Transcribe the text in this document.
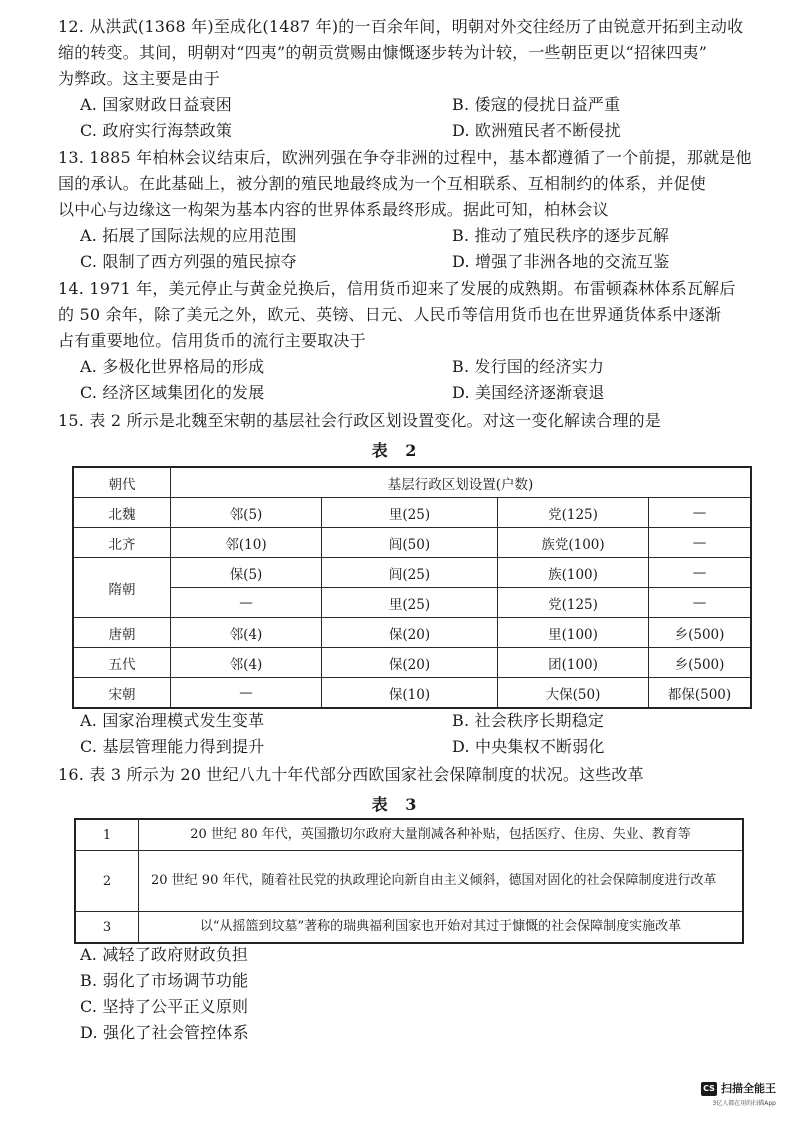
12. 从洪武(1368 年)至成化(1487 年)的一百余年间，明朝对外交往经历了由锐意开拓到主动收

缩的转变。其间，明朝对“四夷”的朝贡赏赐由慷慨逐步转为计较，一些朝臣更以“招徕四夷”

为弊政。这主要是由于

A. 国家财政日益衰困	B. 倭寇的侵扰日益严重
C. 政府实行海禁政策	D. 欧洲殖民者不断侵扰

13. 1885 年柏林会议结束后，欧洲列强在争夺非洲的过程中，基本都遵循了一个前提，那就是他

国的承认。在此基础上，被分割的殖民地最终成为一个互相联系、互相制约的体系，并促使

以中心与边缘这一构架为基本内容的世界体系最终形成。据此可知，柏林会议

A. 拓展了国际法规的应用范围	B. 推动了殖民秩序的逐步瓦解
C. 限制了西方列强的殖民掠夺	D. 增强了非洲各地的交流互鉴

14. 1971 年，美元停止与黄金兑换后，信用货币迎来了发展的成熟期。布雷顿森林体系瓦解后

的 50 余年，除了美元之外，欧元、英镑、日元、人民币等信用货币也在世界通货体系中逐渐

占有重要地位。信用货币的流行主要取决于

A. 多极化世界格局的形成	B. 发行国的经济实力
C. 经济区域集团化的发展	D. 美国经济逐渐衰退

15. 表 2 所示是北魏至宋朝的基层社会行政区划设置变化。对这一变化解读合理的是

表 2
朝代	基层行政区划设置(户数)			
北魏	邻(5)	里(25)	党(125)	—
北齐	邻(10)	闾(50)	族党(100)	—
隋朝	保(5)	闾(25)	族(100)	—
	—	里(25)	党(125)	—
唐朝	邻(4)	保(20)	里(100)	乡(500)
五代	邻(4)	保(20)	团(100)	乡(500)
宋朝	—	保(10)	大保(50)	都保(500)
A. 国家治理模式发生变革	B. 社会秩序长期稳定
C. 基层管理能力得到提升	D. 中央集权不断弱化

16. 表 3 所示为 20 世纪八九十年代部分西欧国家社会保障制度的状况。这些改革

表 3
1	20 世纪 80 年代，英国撒切尔政府大量削减各种补贴，包括医疗、住房、失业、教育等
2	20 世纪 90 年代，随着社民党的执政理论向新自由主义倾斜，德国对固化的社会保障制度进行改革
3	以“从摇篮到坟墓”著称的瑞典福利国家也开始对其过于慷慨的社会保障制度实施改革
A. 减轻了政府财政负担
B. 弱化了市场调节功能
C. 坚持了公平正义原则
D. 强化了社会管控体系
CS 扫描全能王
3亿人都在用的扫描App
